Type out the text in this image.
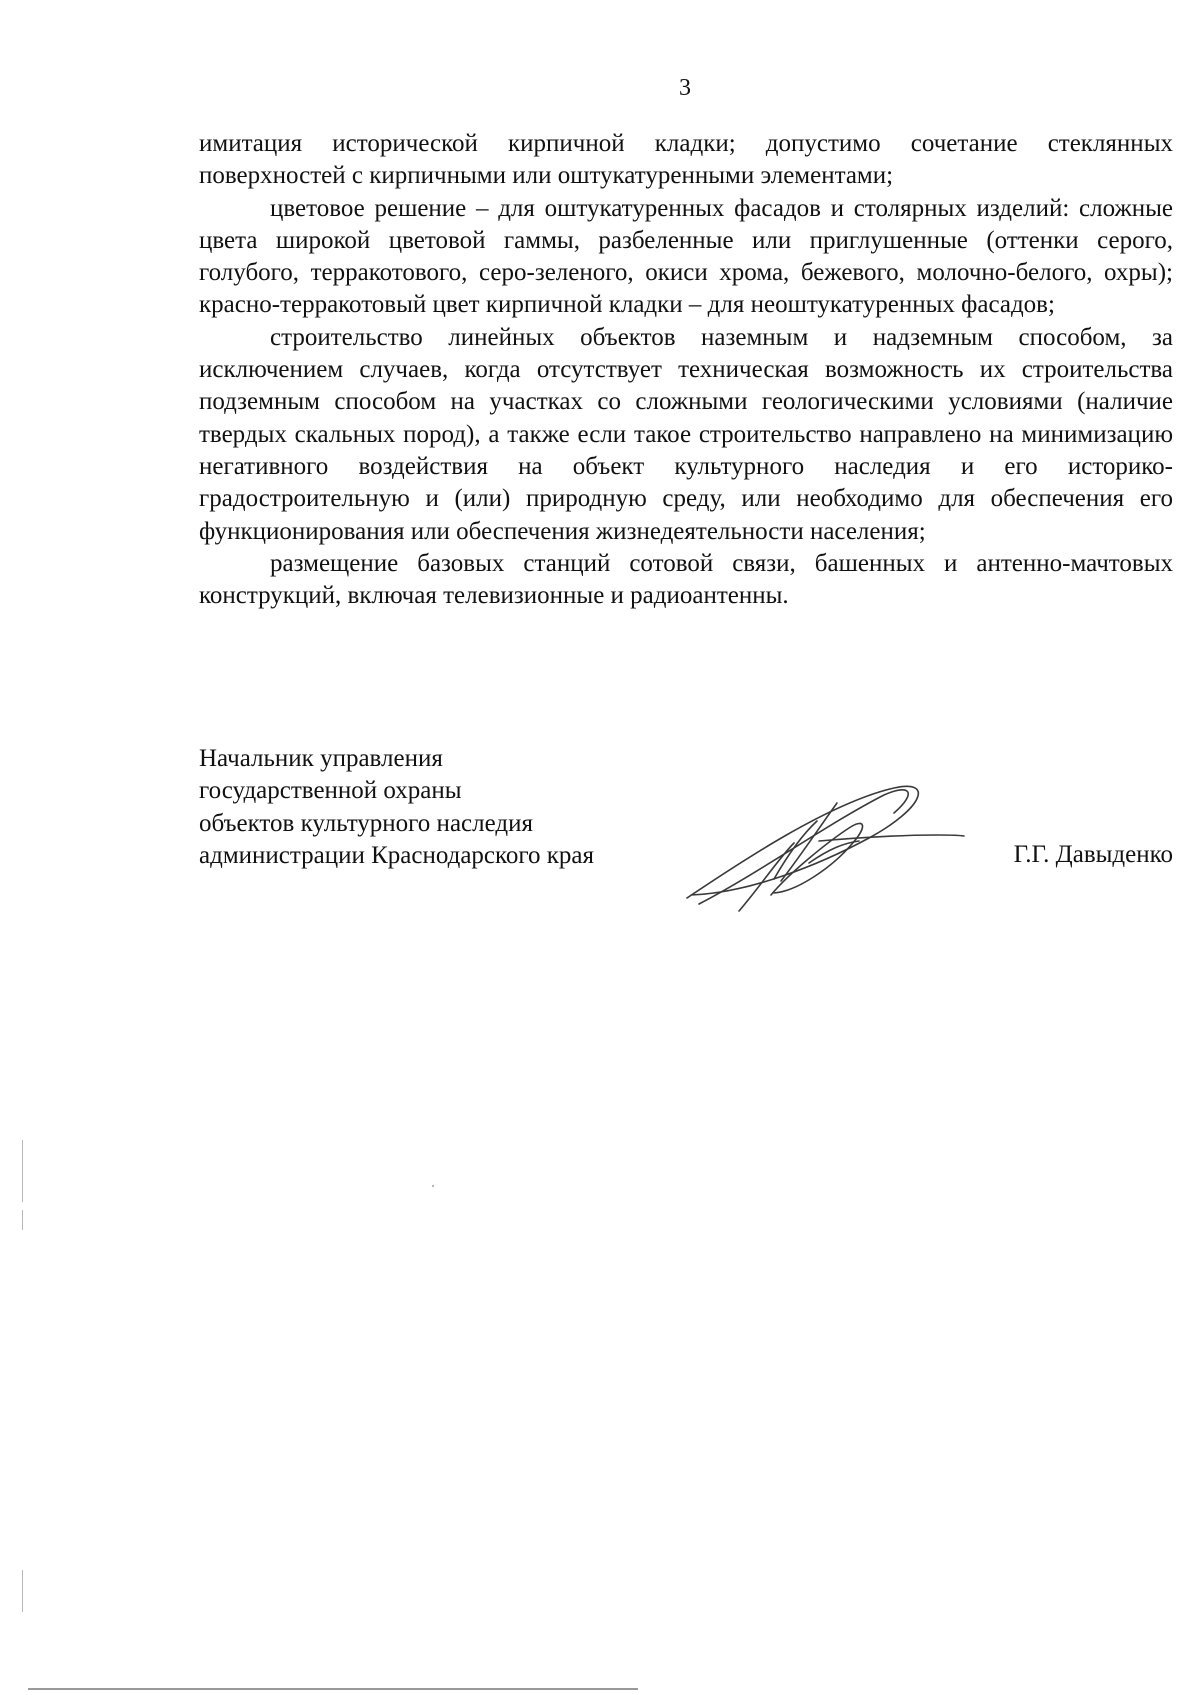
3

имитация исторической кирпичной кладки; допустимо сочетание стеклянных поверхностей с кирпичными или оштукатуренными элементами;

цветовое решение – для оштукатуренных фасадов и столярных изделий: сложные цвета широкой цветовой гаммы, разбеленные или приглушенные (оттенки серого, голубого, терракотового, серо-зеленого, окиси хрома, бежевого, молочно-белого, охры); красно-терракотовый цвет кирпичной кладки – для неоштукатуренных фасадов;

строительство линейных объектов наземным и надземным способом, за исключением случаев, когда отсутствует техническая возможность их строительства подземным способом на участках со сложными геологическими условиями (наличие твердых скальных пород), а также если такое строительство направлено на минимизацию негативного воздействия на объект культурного наследия и его историко-градостроительную и (или) природную среду, или необходимо для обеспечения его функционирования или обеспечения жизнедеятельности населения;

размещение базовых станций сотовой связи, башенных и антенно-мачтовых конструкций, включая телевизионные и радиоантенны.

Начальник управления
государственной охраны
объектов культурного наследия
администрации Краснодарского края	Г.Г. Давыденко
